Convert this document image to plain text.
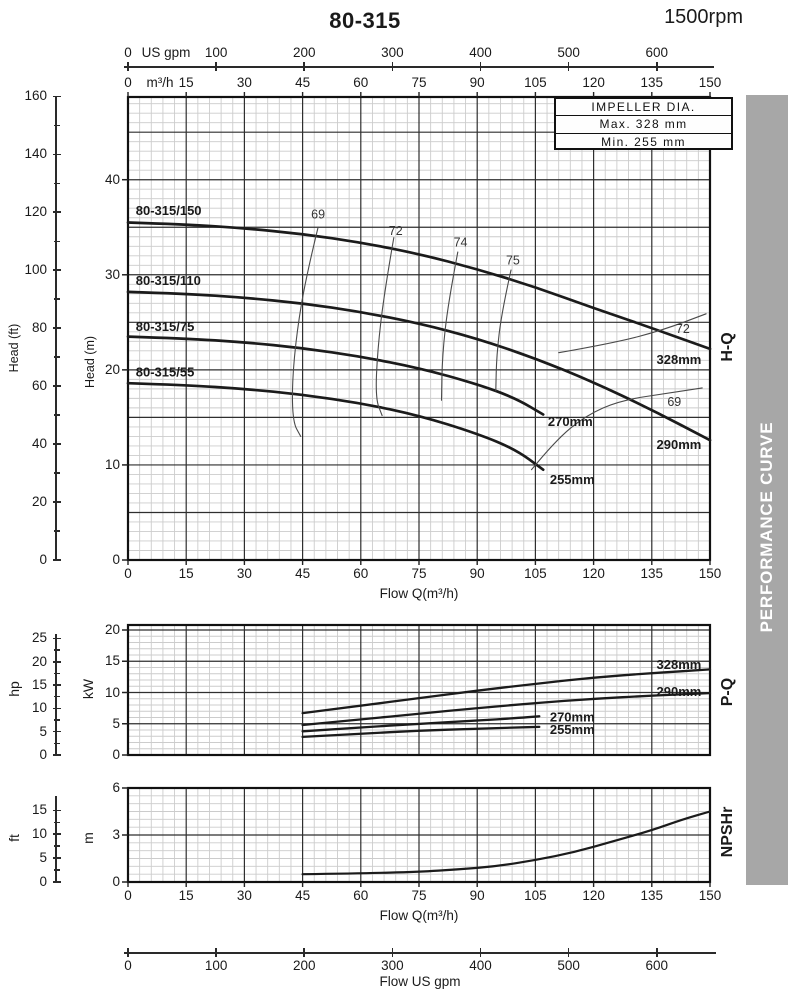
80-315	1500rpm
PERFORMANCE CURVE
IMPELLER DIA.
Max. 328 mm
Min. 255 mm
80-315/150
80-315/110
80-315/75
80-315/55
69
72
74
75
72
328mm
69
290mm
270mm
255mm
0
10
20
30
40
0
20
40
60
80
100
120
140
160
0	15	30	45	60	75	90	105	120	135	150
Flow Q(m³/h)
328mm
290mm
270mm
255mm
0
5
10
15
20
0
5
10
15
20
25
0
3
6
0
5
10
15
0	15	30	45	60	75	90	105	120	135	150
Flow Q(m³/h)
0	100	200	300	400	500	600
US gpm
0	15	30	45	60	75	90	105	120	135	150
m³/h
0	100	200	300	400	500	600
Flow US gpm
Head (ft)	Head (m)
hp	kW
ft	m
H-Q
P-Q
NPSHr
